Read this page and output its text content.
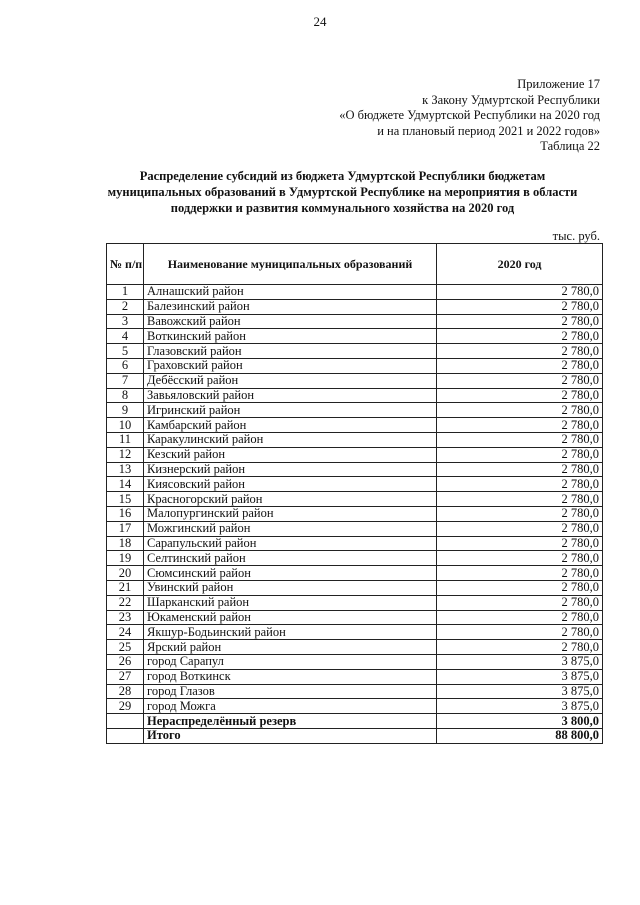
24
Приложение 17
к Закону Удмуртской Республики
«О бюджете Удмуртской Республики на 2020 год
и на плановый период 2021 и 2022 годов»
Таблица 22
Распределение субсидий из бюджета Удмуртской Республики бюджетам
муниципальных образований в Удмуртской Республике на мероприятия в области
поддержки и развития коммунального хозяйства на 2020 год
тыс. руб.
№ п/п	Наименование муниципальных образований	2020 год
1	Алнашский район	2 780,0
2	Балезинский район	2 780,0
3	Вавожский район	2 780,0
4	Воткинский район	2 780,0
5	Глазовский район	2 780,0
6	Граховский район	2 780,0
7	Дебёсский район	2 780,0
8	Завьяловский район	2 780,0
9	Игринский район	2 780,0
10	Камбарский район	2 780,0
11	Каракулинский район	2 780,0
12	Кезский район	2 780,0
13	Кизнерский район	2 780,0
14	Киясовский район	2 780,0
15	Красногорский район	2 780,0
16	Малопургинский район	2 780,0
17	Можгинский район	2 780,0
18	Сарапульский район	2 780,0
19	Селтинский район	2 780,0
20	Сюмсинский район	2 780,0
21	Увинский район	2 780,0
22	Шарканский район	2 780,0
23	Юкаменский район	2 780,0
24	Якшур-Бодьинский район	2 780,0
25	Ярский район	2 780,0
26	город Сарапул	3 875,0
27	город Воткинск	3 875,0
28	город Глазов	3 875,0
29	город Можга	3 875,0
	Нераспределённый резерв	3 800,0
	Итого	88 800,0
